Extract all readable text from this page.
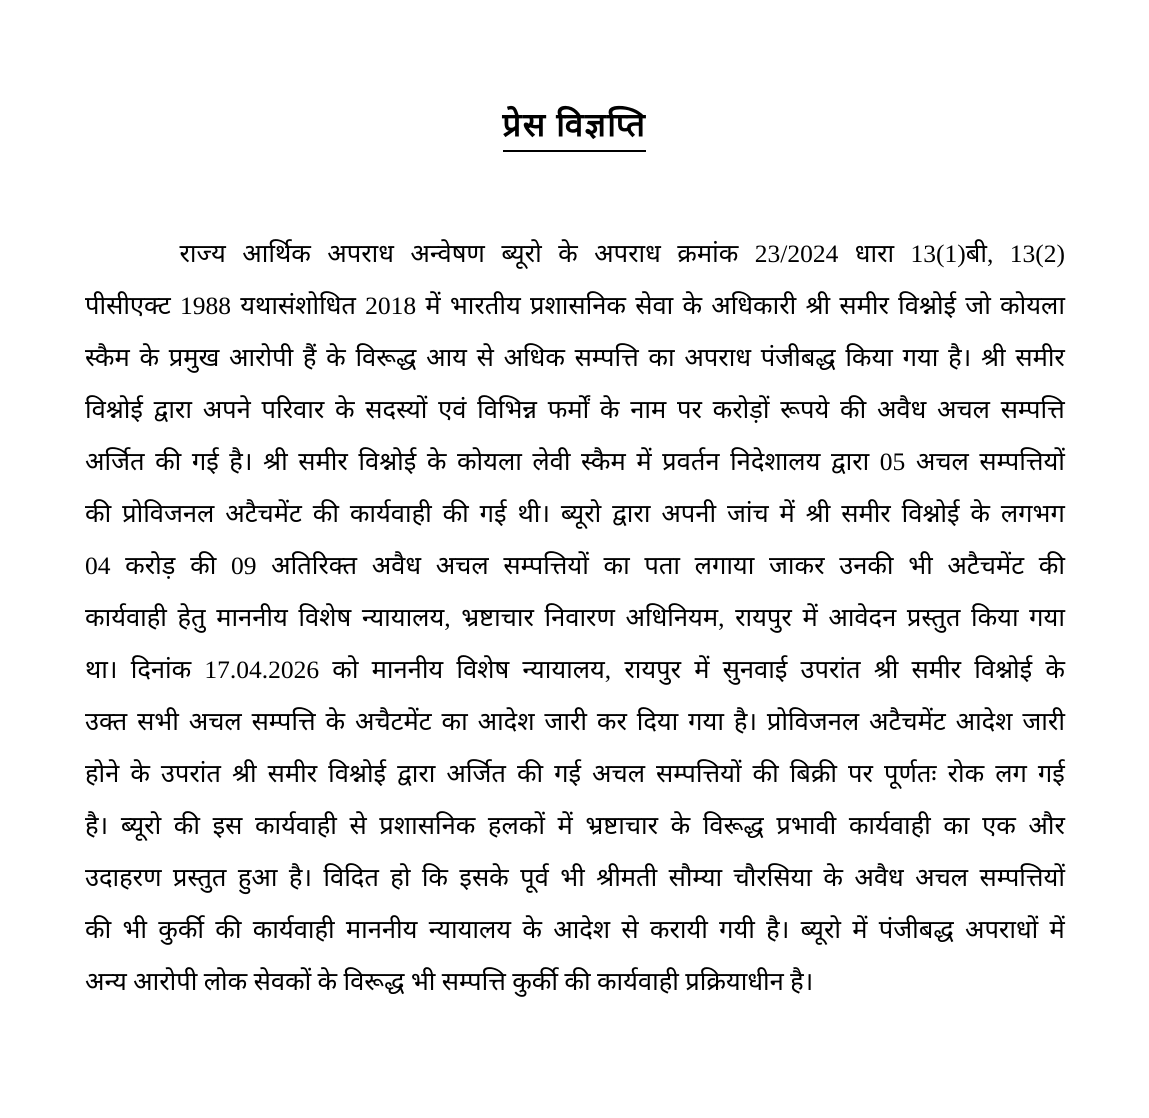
प्रेस विज्ञप्ति
राज्य आर्थिक अपराध अन्वेषण ब्यूरो के अपराध क्रमांक 23/2024 धारा 13(1)बी, 13(2)
पीसीएक्ट 1988 यथासंशोधित 2018 में भारतीय प्रशासनिक सेवा के अधिकारी श्री समीर विश्नोई जो कोयला
स्कैम के प्रमुख आरोपी हैं के विरूद्ध आय से अधिक सम्पत्ति का अपराध पंजीबद्ध किया गया है। श्री समीर
विश्नोई द्वारा अपने परिवार के सदस्यों एवं विभिन्न फर्मों के नाम पर करोड़ों रूपये की अवैध अचल सम्पत्ति
अर्जित की गई है। श्री समीर विश्नोई के कोयला लेवी स्कैम में प्रवर्तन निदेशालय द्वारा 05 अचल सम्पत्तियों
की प्रोविजनल अटैचमेंट की कार्यवाही की गई थी। ब्यूरो द्वारा अपनी जांच में श्री समीर विश्नोई के लगभग
04 करोड़ की 09 अतिरिक्त अवैध अचल सम्पत्तियों का पता लगाया जाकर उनकी भी अटैचमेंट की
कार्यवाही हेतु माननीय विशेष न्यायालय, भ्रष्टाचार निवारण अधिनियम, रायपुर में आवेदन प्रस्तुत किया गया
था। दिनांक 17.04.2026 को माननीय विशेष न्यायालय, रायपुर में सुनवाई उपरांत श्री समीर विश्नोई के
उक्त सभी अचल सम्पत्ति के अचैटमेंट का आदेश जारी कर दिया गया है। प्रोविजनल अटैचमेंट आदेश जारी
होने के उपरांत श्री समीर विश्नोई द्वारा अर्जित की गई अचल सम्पत्तियों की बिक्री पर पूर्णतः रोक लग गई
है। ब्यूरो की इस कार्यवाही से प्रशासनिक हलकों में भ्रष्टाचार के विरूद्ध प्रभावी कार्यवाही का एक और
उदाहरण प्रस्तुत हुआ है। विदित हो कि इसके पूर्व भी श्रीमती सौम्या चौरसिया के अवैध अचल सम्पत्तियों
की भी कुर्की की कार्यवाही माननीय न्यायालय के आदेश से करायी गयी है। ब्यूरो में पंजीबद्ध अपराधों में
अन्य आरोपी लोक सेवकों के विरूद्ध भी सम्पत्ति कुर्की की कार्यवाही प्रक्रियाधीन है।
